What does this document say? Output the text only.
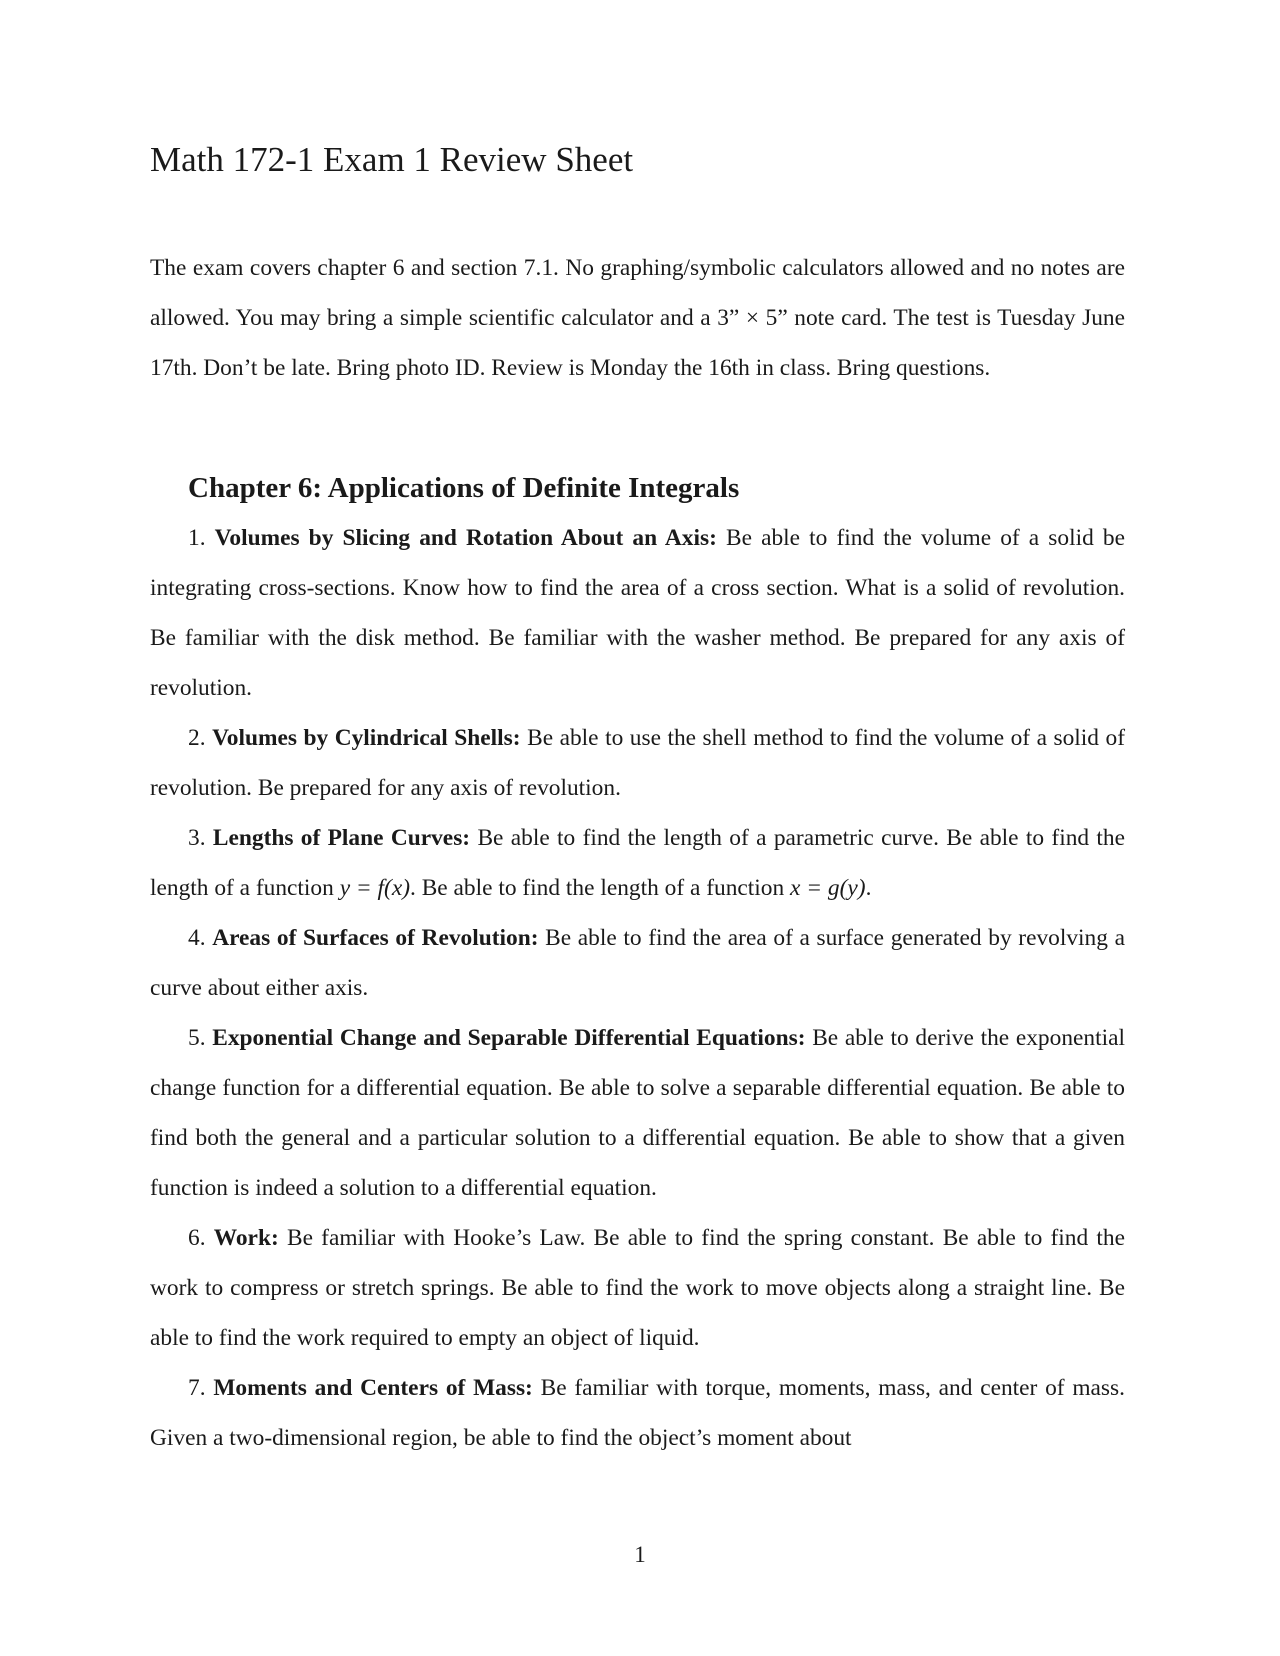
Math 172-1 Exam 1 Review Sheet

The exam covers chapter 6 and section 7.1. No graphing/symbolic calculators allowed and no notes are allowed. You may bring a simple scientific calculator and a 3” × 5” note card. The test is Tuesday June 17th. Don’t be late. Bring photo ID. Review is Monday the 16th in class. Bring questions.

Chapter 6: Applications of Definite Integrals
1. Volumes by Slicing and Rotation About an Axis: Be able to find the volume of a solid be integrating cross-sections. Know how to find the area of a cross section. What is a solid of revolution. Be familiar with the disk method. Be familiar with the washer method. Be prepared for any axis of revolution.
2. Volumes by Cylindrical Shells: Be able to use the shell method to find the volume of a solid of revolution. Be prepared for any axis of revolution.
3. Lengths of Plane Curves: Be able to find the length of a parametric curve. Be able to find the length of a function y = f(x). Be able to find the length of a function x = g(y).
4. Areas of Surfaces of Revolution: Be able to find the area of a surface generated by revolving a curve about either axis.
5. Exponential Change and Separable Differential Equations: Be able to derive the exponential change function for a differential equation. Be able to solve a separable differential equation. Be able to find both the general and a particular solution to a differential equation. Be able to show that a given function is indeed a solution to a differential equation.
6. Work: Be familiar with Hooke’s Law. Be able to find the spring constant. Be able to find the work to compress or stretch springs. Be able to find the work to move objects along a straight line. Be able to find the work required to empty an object of liquid.
7. Moments and Centers of Mass: Be familiar with torque, moments, mass, and center of mass. Given a two-dimensional region, be able to find the object’s moment about
1
